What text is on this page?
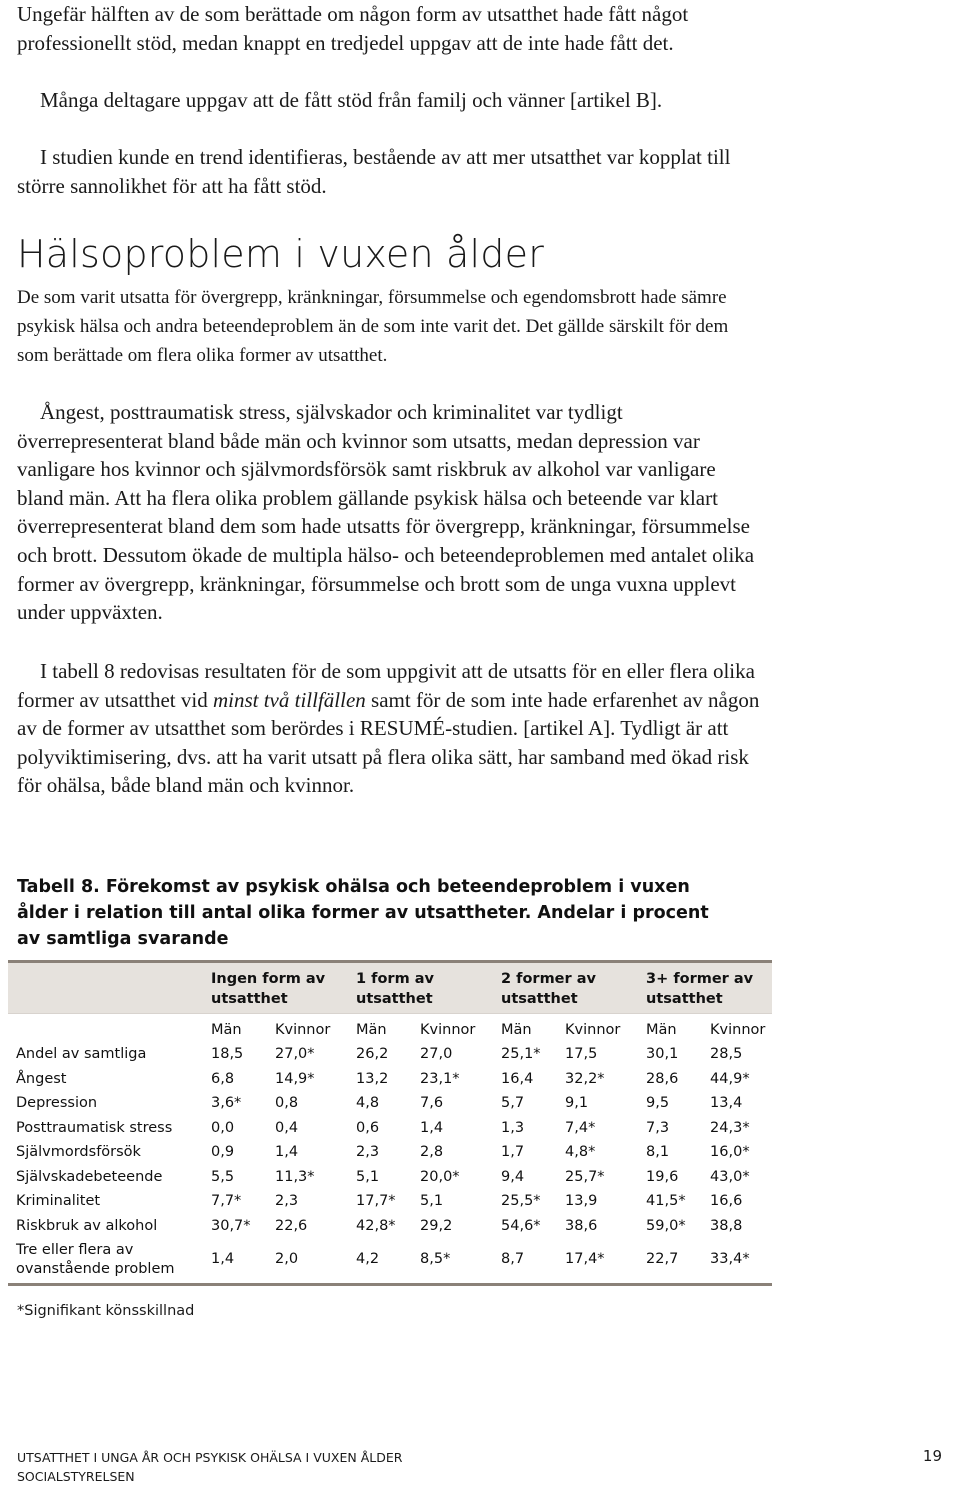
Ungefär hälften av de som berättade om någon form av utsatthet hade fått något professionellt stöd, medan knappt en tredjedel uppgav att de inte hade fått det.

Många deltagare uppgav att de fått stöd från familj och vänner [artikel B].

I studien kunde en trend identifieras, bestående av att mer utsatthet var kopplat till större sannolikhet för att ha fått stöd.

Hälsoproblem i vuxen ålder

De som varit utsatta för övergrepp, kränkningar, försummelse och egendomsbrott hade sämre psykisk hälsa och andra beteendeproblem än de som inte varit det. Det gällde särskilt för dem som berättade om flera olika former av utsatthet.

Ångest, posttraumatisk stress, självskador och kriminalitet var tydligt överrepresenterat bland både män och kvinnor som utsatts, medan depression var vanligare hos kvinnor och självmordsförsök samt riskbruk av alkohol var vanligare bland män. Att ha flera olika problem gällande psykisk hälsa och beteende var klart överrepresenterat bland dem som hade utsatts för övergrepp, kränkningar, försummelse och brott. Dessutom ökade de multipla hälso- och beteendeproblemen med antalet olika former av övergrepp, kränkningar, försummelse och brott som de unga vuxna upplevt under uppväxten.

I tabell 8 redovisas resultaten för de som uppgivit att de utsatts för en eller flera olika former av utsatthet vid minst två tillfällen samt för de som inte hade erfarenhet av någon av de former av utsatthet som berördes i RESUMÉ-studien. [artikel A]. Tydligt är att polyviktimisering, dvs. att ha varit utsatt på flera olika sätt, har samband med ökad risk för ohälsa, både bland män och kvinnor.

Tabell 8. Förekomst av psykisk ohälsa och beteendeproblem i vuxen ålder i relation till antal olika former av utsattheter. Andelar i procent av samtliga svarande

	Ingen form av utsatthet		1 form av utsatthet		2 former av utsatthet		3+ former av utsatthet	
	Män	Kvinnor	Män	Kvinnor	Män	Kvinnor	Män	Kvinnor
Andel av samtliga	18,5	27,0*	26,2	27,0	25,1*	17,5	30,1	28,5
Ångest	6,8	14,9*	13,2	23,1*	16,4	32,2*	28,6	44,9*
Depression	3,6*	0,8	4,8	7,6	5,7	9,1	9,5	13,4
Posttraumatisk stress	0,0	0,4	0,6	1,4	1,3	7,4*	7,3	24,3*
Självmordsförsök	0,9	1,4	2,3	2,8	1,7	4,8*	8,1	16,0*
Självskadebeteende	5,5	11,3*	5,1	20,0*	9,4	25,7*	19,6	43,0*
Kriminalitet	7,7*	2,3	17,7*	5,1	25,5*	13,9	41,5*	16,6
Riskbruk av alkohol	30,7*	22,6	42,8*	29,2	54,6*	38,6	59,0*	38,8
Tre eller flera av ovanstående problem	1,4	2,0	4,2	8,5*	8,7	17,4*	22,7	33,4*

*Signifikant könsskillnad

UTSATTHET I UNGA ÅR OCH PSYKISK OHÄLSA I VUXEN ÅLDER
SOCIALSTYRELSEN
19
